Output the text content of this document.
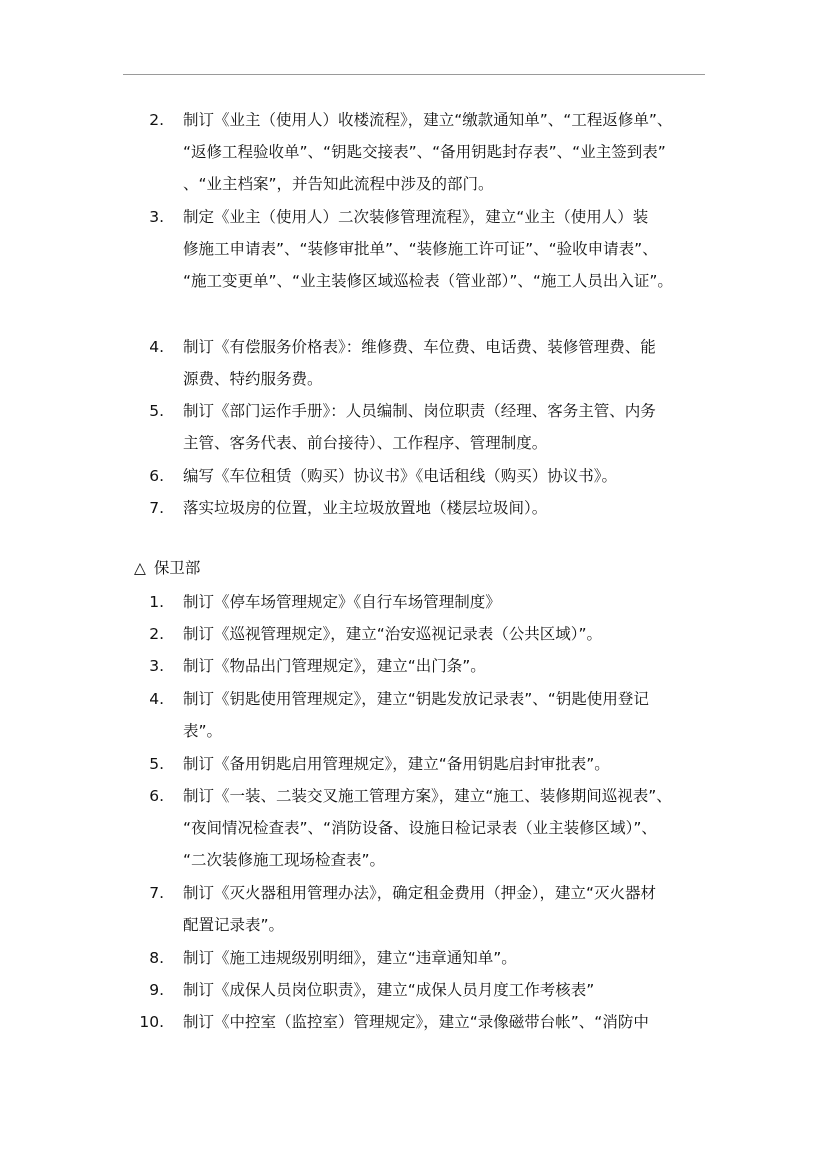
2. 制订《业主（使用人）收楼流程》，建立“缴款通知单”、“工程返修单”、
“返修工程验收单”、“钥匙交接表”、“备用钥匙封存表”、“业主签到表”
、“业主档案”，并告知此流程中涉及的部门。
3. 制定《业主（使用人）二次装修管理流程》，建立“业主（使用人）装
修施工申请表”、“装修审批单”、“装修施工许可证”、“验收申请表”、
“施工变更单”、“业主装修区域巡检表（管业部）”、“施工人员出入证”。
4. 制订《有偿服务价格表》：维修费、车位费、电话费、装修管理费、能
源费、特约服务费。
5. 制订《部门运作手册》：人员编制、岗位职责（经理、客务主管、内务
主管、客务代表、前台接待）、工作程序、管理制度。
6. 编写《车位租赁（购买）协议书》《电话租线（购买）协议书》。
7. 落实垃圾房的位置，业主垃圾放置地（楼层垃圾间）。
△ 保卫部
1. 制订《停车场管理规定》《自行车场管理制度》
2. 制订《巡视管理规定》，建立“治安巡视记录表（公共区域）”。
3. 制订《物品出门管理规定》，建立“出门条”。
4. 制订《钥匙使用管理规定》，建立“钥匙发放记录表”、“钥匙使用登记
表”。
5. 制订《备用钥匙启用管理规定》，建立“备用钥匙启封审批表”。
6. 制订《一装、二装交叉施工管理方案》，建立“施工、装修期间巡视表”、
“夜间情况检查表”、“消防设备、设施日检记录表（业主装修区域）”、
“二次装修施工现场检查表”。
7. 制订《灭火器租用管理办法》，确定租金费用（押金），建立“灭火器材
配置记录表”。
8. 制订《施工违规级别明细》，建立“违章通知单”。
9. 制订《成保人员岗位职责》，建立“成保人员月度工作考核表”
10. 制订《中控室（监控室）管理规定》，建立“录像磁带台帐”、“消防中
